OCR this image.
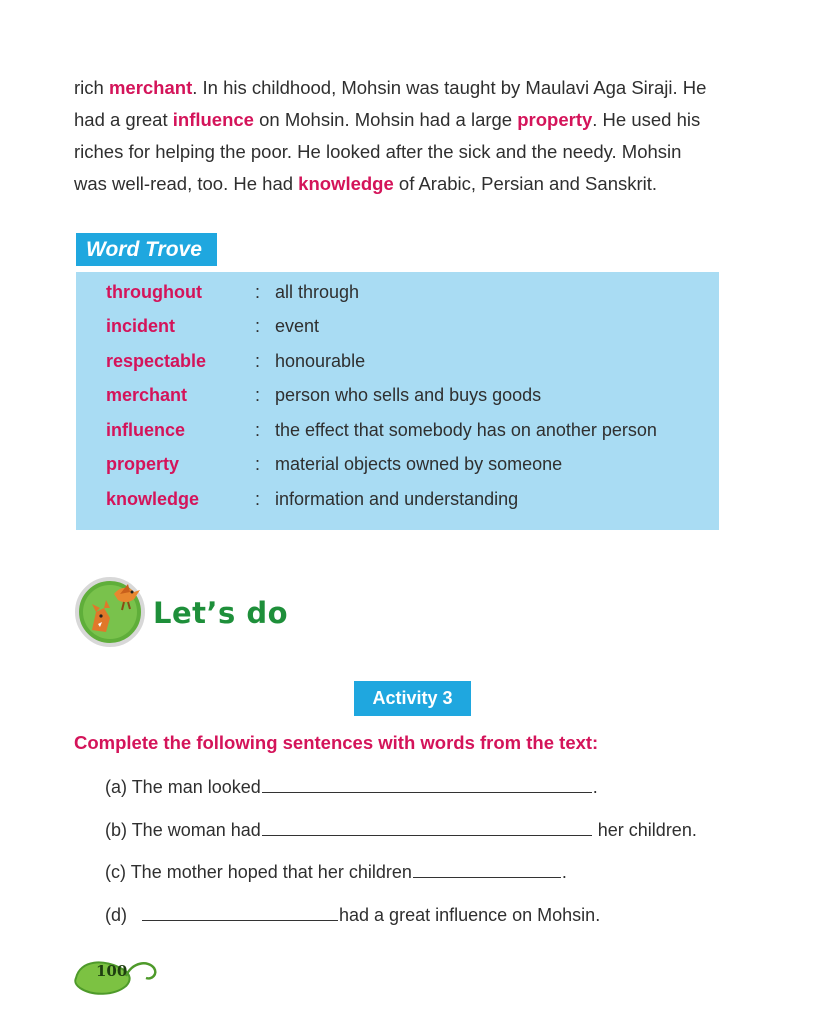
rich merchant. In his childhood, Mohsin was taught by Maulavi Aga Siraji. He
had a great influence on Mohsin. Mohsin had a large property. He used his
riches for helping the poor. He looked after the sick and the needy. Mohsin
was well-read, too. He had knowledge of Arabic, Persian and Sanskrit.
Word Trove
throughout	: all through
incident	: event
respectable	: honourable
merchant	: person who sells and buys goods
influence	: the effect that somebody has on another person
property	: material objects owned by someone
knowledge	: information and understanding
Let’s do
Activity 3
Complete the following sentences with words from the text:
(a) The man looked	.
(b) The woman had	her children.
(c) The mother hoped that her children	.
(d)	had a great influence on Mohsin.
100
